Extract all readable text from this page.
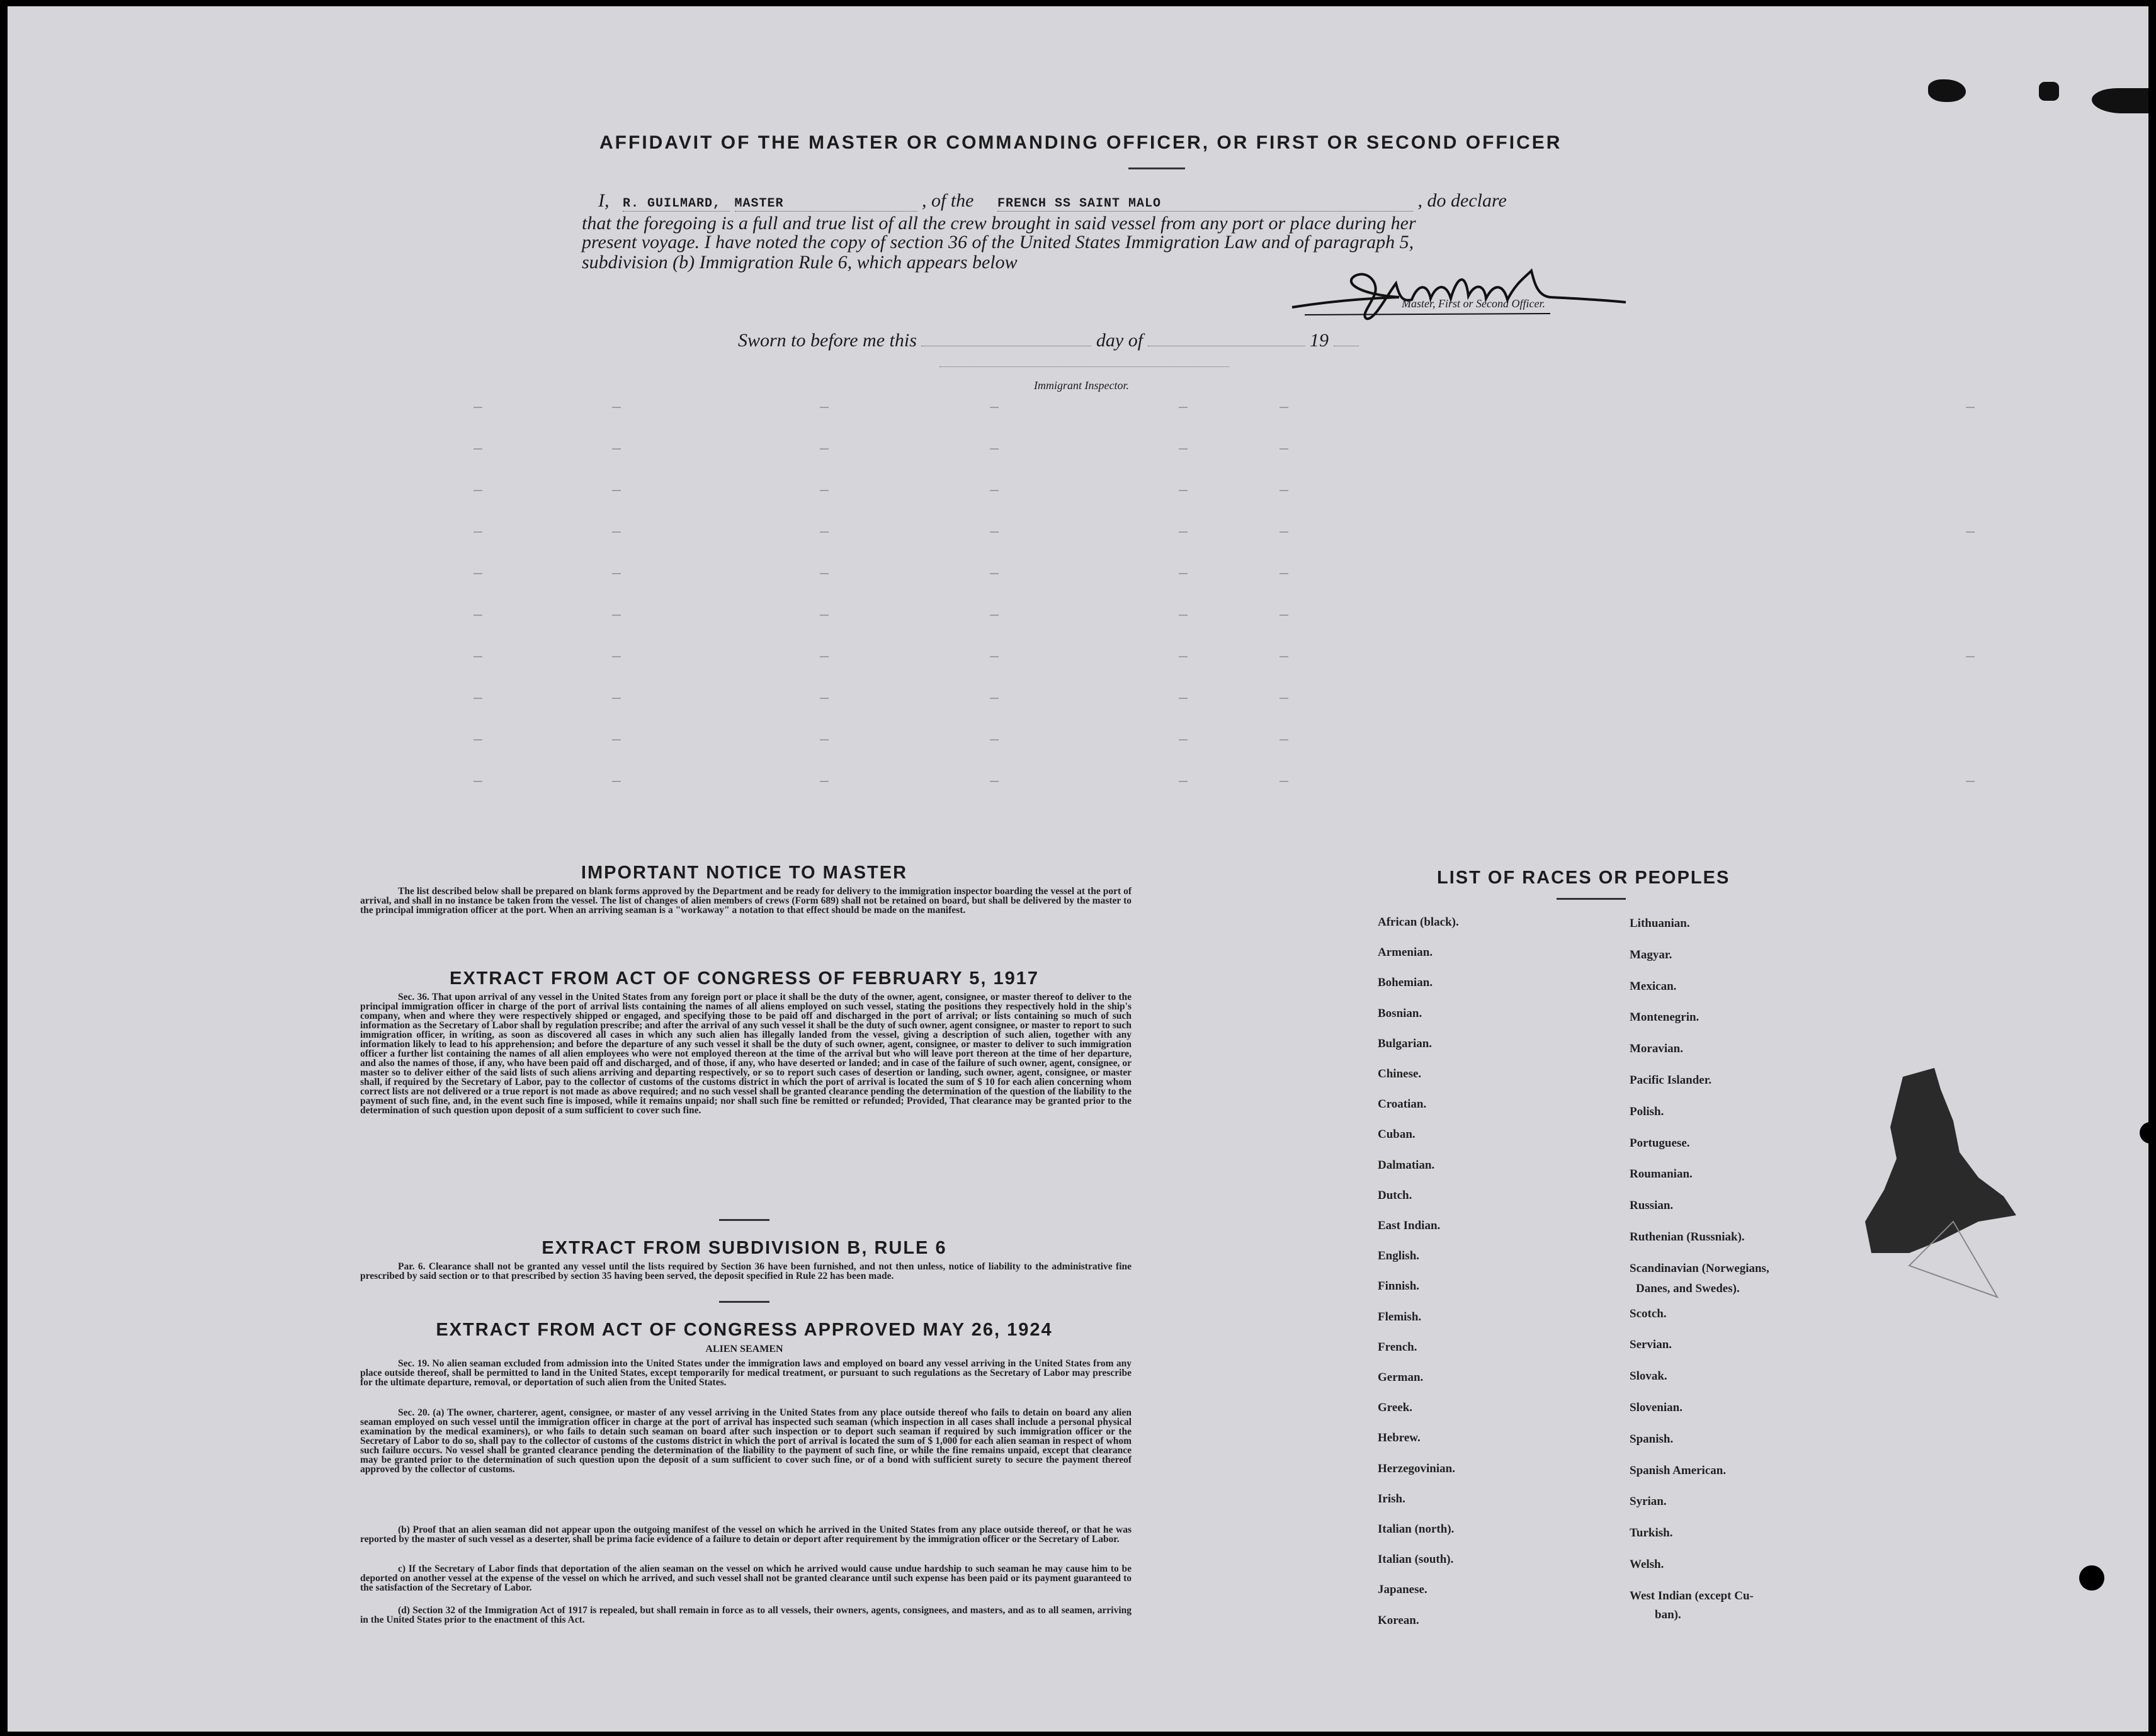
AFFIDAVIT OF THE MASTER OR COMMANDING OFFICER, OR FIRST OR SECOND OFFICER
I, R. GUILMARD, MASTER	, of the FRENCH SS SAINT MALO	, do declare
that the foregoing is a full and true list of all the crew brought in said vessel from any port or place during her
present voyage. I have noted the copy of section 36 of the United States Immigration Law and of paragraph 5,
subdivision (b) Immigration Rule 6, which appears below
Master, First or Second Officer.
Sworn to before me this	day of	19
Immigrant Inspector.
IMPORTANT NOTICE TO MASTER
The list described below shall be prepared on blank forms approved by the Department and be ready for delivery to the immigration inspector boarding the vessel at the port of arrival, and shall in no instance be taken from the vessel. The list of changes of alien members of crews (Form 689) shall not be retained on board, but shall be delivered by the master to the principal immigration officer at the port. When an arriving seaman is a "workaway" a notation to that effect should be made on the manifest.
EXTRACT FROM ACT OF CONGRESS OF FEBRUARY 5, 1917
Sec. 36. That upon arrival of any vessel in the United States from any foreign port or place it shall be the duty of the owner, agent, consignee, or master thereof to deliver to the principal immigration officer in charge of the port of arrival lists containing the names of all aliens employed on such vessel, stating the positions they respectively hold in the ship's company, when and where they were respectively shipped or engaged, and specifying those to be paid off and discharged in the port of arrival; or lists containing so much of such information as the Secretary of Labor shall by regulation prescribe; and after the arrival of any such vessel it shall be the duty of such owner, agent consignee, or master to report to such immigration officer, in writing, as soon as discovered all cases in which any such alien has illegally landed from the vessel, giving a description of such alien, together with any information likely to lead to his apprehension; and before the departure of any such vessel it shall be the duty of such owner, agent, consignee, or master to deliver to such immigration officer a further list containing the names of all alien employees who were not employed thereon at the time of the arrival but who will leave port thereon at the time of her departure, and also the names of those, if any, who have been paid off and discharged, and of those, if any, who have deserted or landed; and in case of the failure of such owner, agent, consignee, or master so to deliver either of the said lists of such aliens arriving and departing respectively, or so to report such cases of desertion or landing, such owner, agent, consignee, or master shall, if required by the Secretary of Labor, pay to the collector of customs of the customs district in which the port of arrival is located the sum of $ 10 for each alien concerning whom correct lists are not delivered or a true report is not made as above required; and no such vessel shall be granted clearance pending the determination of the question of the liability to the payment of such fine, and, in the event such fine is imposed, while it remains unpaid; nor shall such fine be remitted or refunded; Provided, That clearance may be granted prior to the determination of such question upon deposit of a sum sufficient to cover such fine.
EXTRACT FROM SUBDIVISION B, RULE 6
Par. 6. Clearance shall not be granted any vessel until the lists required by Section 36 have been furnished, and not then unless, notice of liability to the administrative fine prescribed by said section or to that prescribed by section 35 having been served, the deposit specified in Rule 22 has been made.
EXTRACT FROM ACT OF CONGRESS APPROVED MAY 26, 1924
ALIEN SEAMEN
Sec. 19. No alien seaman excluded from admission into the United States under the immigration laws and employed on board any vessel arriving in the United States from any place outside thereof, shall be permitted to land in the United States, except temporarily for medical treatment, or pursuant to such regulations as the Secretary of Labor may prescribe for the ultimate departure, removal, or deportation of such alien from the United States.
Sec. 20. (a) The owner, charterer, agent, consignee, or master of any vessel arriving in the United States from any place outside thereof who fails to detain on board any alien seaman employed on such vessel until the immigration officer in charge at the port of arrival has inspected such seaman (which inspection in all cases shall include a personal physical examination by the medical examiners), or who fails to detain such seaman on board after such inspection or to deport such seaman if required by such immigration officer or the Secretary of Labor to do so, shall pay to the collector of customs of the customs district in which the port of arrival is located the sum of $ 1,000 for each alien seaman in respect of whom such failure occurs. No vessel shall be granted clearance pending the determination of the liability to the payment of such fine, or while the fine remains unpaid, except that clearance may be granted prior to the determination of such question upon the deposit of a sum sufficient to cover such fine, or of a bond with sufficient surety to secure the payment thereof approved by the collector of customs.
(b) Proof that an alien seaman did not appear upon the outgoing manifest of the vessel on which he arrived in the United States from any place outside thereof, or that he was reported by the master of such vessel as a deserter, shall be prima facie evidence of a failure to detain or deport after requirement by the immigration officer or the Secretary of Labor.
c) If the Secretary of Labor finds that deportation of the alien seaman on the vessel on which he arrived would cause undue hardship to such seaman he may cause him to be deported on another vessel at the expense of the vessel on which he arrived, and such vessel shall not be granted clearance until such expense has been paid or its payment guaranteed to the satisfaction of the Secretary of Labor.
(d) Section 32 of the Immigration Act of 1917 is repealed, but shall remain in force as to all vessels, their owners, agents, consignees, and masters, and as to all seamen, arriving in the United States prior to the enactment of this Act.
LIST OF RACES OR PEOPLES
African (black).
Armenian.
Bohemian.
Bosnian.
Bulgarian.
Chinese.
Croatian.
Cuban.
Dalmatian.
Dutch.
East Indian.
English.
Finnish.
Flemish.
French.
German.
Greek.
Hebrew.
Herzegovinian.
Irish.
Italian (north).
Italian (south).
Japanese.
Korean.
Lithuanian.
Magyar.
Mexican.
Montenegrin.
Moravian.
Pacific Islander.
Polish.
Portuguese.
Roumanian.
Russian.
Ruthenian (Russniak).
Scandinavian (Norwegians,
Scotch.
Servian.
Slovak.
Slovenian.
Spanish.
Spanish American.
Syrian.
Turkish.
Welsh.
West Indian (except Cu-
Danes, and Swedes).
ban).
